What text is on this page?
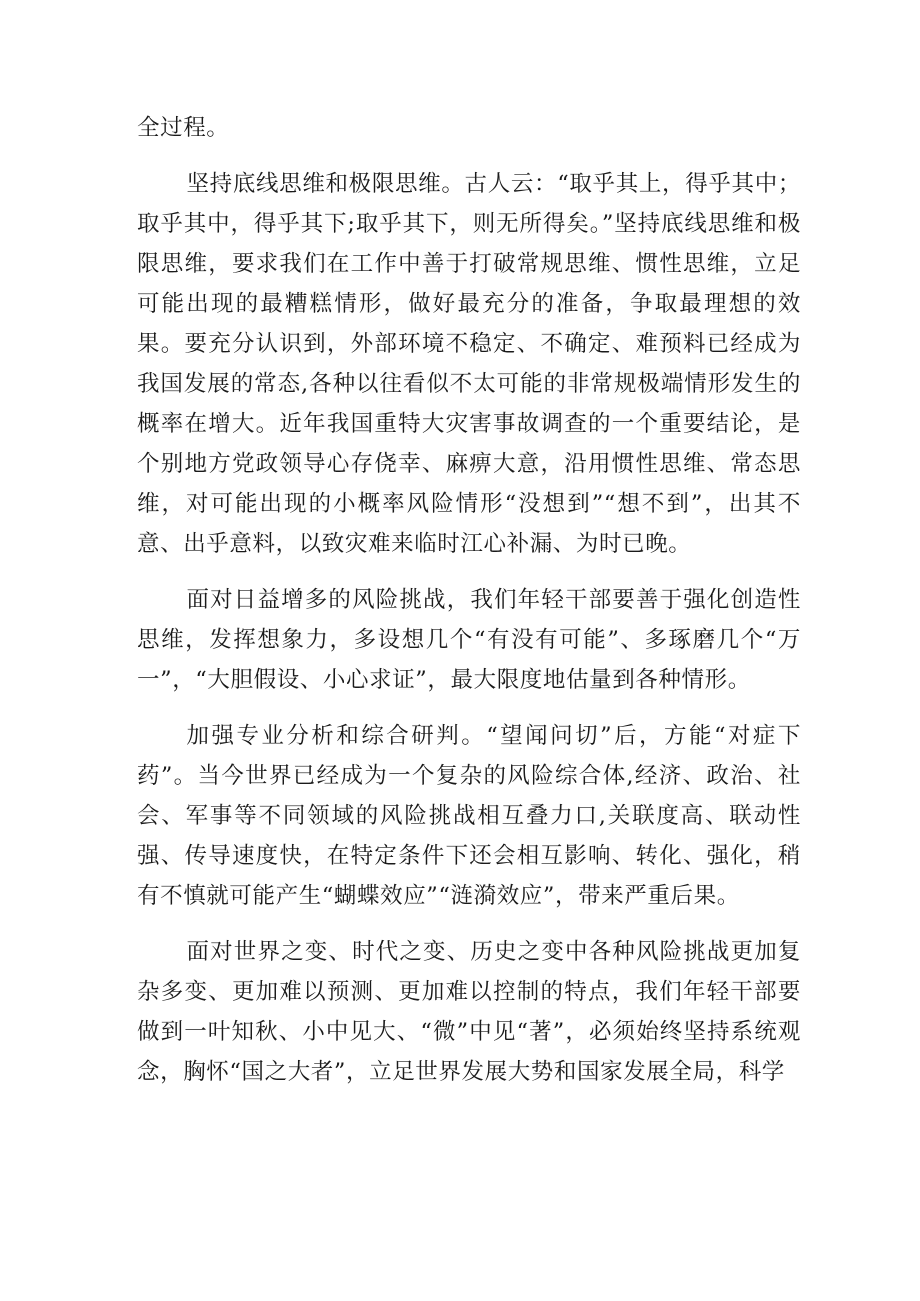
全过程。

坚持底线思维和极限思维。古人云：“取乎其上，得乎其中；取乎其中，得乎其下;取乎其下，则无所得矣。”坚持底线思维和极限思维，要求我们在工作中善于打破常规思维、惯性思维，立足可能出现的最糟糕情形，做好最充分的准备，争取最理想的效果。要充分认识到，外部环境不稳定、不确定、难预料已经成为我国发展的常态,各种以往看似不太可能的非常规极端情形发生的概率在增大。近年我国重特大灾害事故调查的一个重要结论，是个别地方党政领导心存侥幸、麻痹大意，沿用惯性思维、常态思维，对可能出现的小概率风险情形“没想到”“想不到”，出其不意、出乎意料，以致灾难来临时江心补漏、为时已晚。

面对日益增多的风险挑战，我们年轻干部要善于强化创造性思维，发挥想象力，多设想几个“有没有可能”、多琢磨几个“万一”，“大胆假设、小心求证”，最大限度地估量到各种情形。

加强专业分析和综合研判。“望闻问切”后，方能“对症下药”。当今世界已经成为一个复杂的风险综合体,经济、政治、社会、军事等不同领域的风险挑战相互叠力口,关联度高、联动性强、传导速度快，在特定条件下还会相互影响、转化、强化，稍有不慎就可能产生“蝴蝶效应”“涟漪效应”，带来严重后果。

面对世界之变、时代之变、历史之变中各种风险挑战更加复杂多变、更加难以预测、更加难以控制的特点，我们年轻干部要做到一叶知秋、小中见大、“微”中见“著”，必须始终坚持系统观念，胸怀“国之大者”，立足世界发展大势和国家发展全局，科学
